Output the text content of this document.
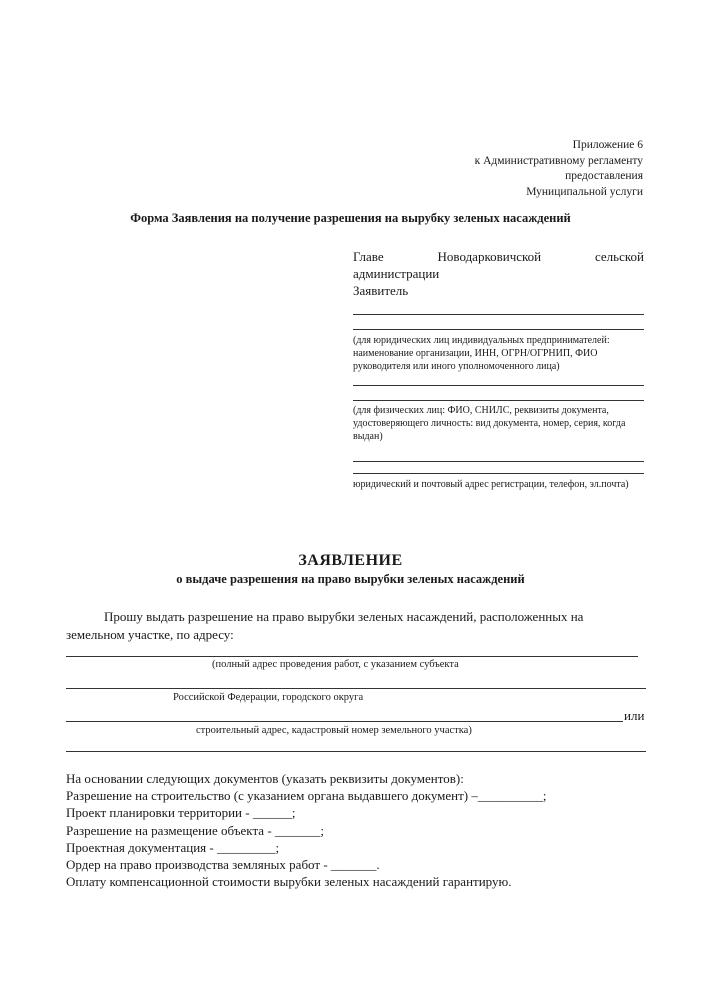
Приложение 6
к Административному регламенту
предоставления
Муниципальной услуги
Форма Заявления на получение разрешения на вырубку зеленых насаждений
Главе	Новодарковичской	сельской
администрации
Заявитель
(для юридических лиц индивидуальных предпринимателей: наименование организации, ИНН, ОГРН/ОГРНИП, ФИО руководителя или иного уполномоченного лица)
(для физических лиц: ФИО, СНИЛС, реквизиты документа, удостоверяющего личность: вид документа, номер, серия, когда выдан)
юридический и почтовый адрес регистрации, телефон, эл.почта)
ЗАЯВЛЕНИЕ
о выдаче разрешения на право вырубки зеленых насаждений
Прошу выдать разрешение на право вырубки зеленых насаждений, расположенных на
земельном участке, по адресу:
(полный адрес проведения работ, с указанием субъекта
Российской Федерации, городского округа
или
строительный адрес, кадастровый номер земельного участка)
На основании следующих документов (указать реквизиты документов):
Разрешение на строительство (с указанием органа выдавшего документ) –__________;
Проект планировки территории - ______;
Разрешение на размещение объекта - _______;
Проектная документация - _________;
Ордер на право производства земляных работ - _______.
Оплату компенсационной стоимости вырубки зеленых насаждений гарантирую.
